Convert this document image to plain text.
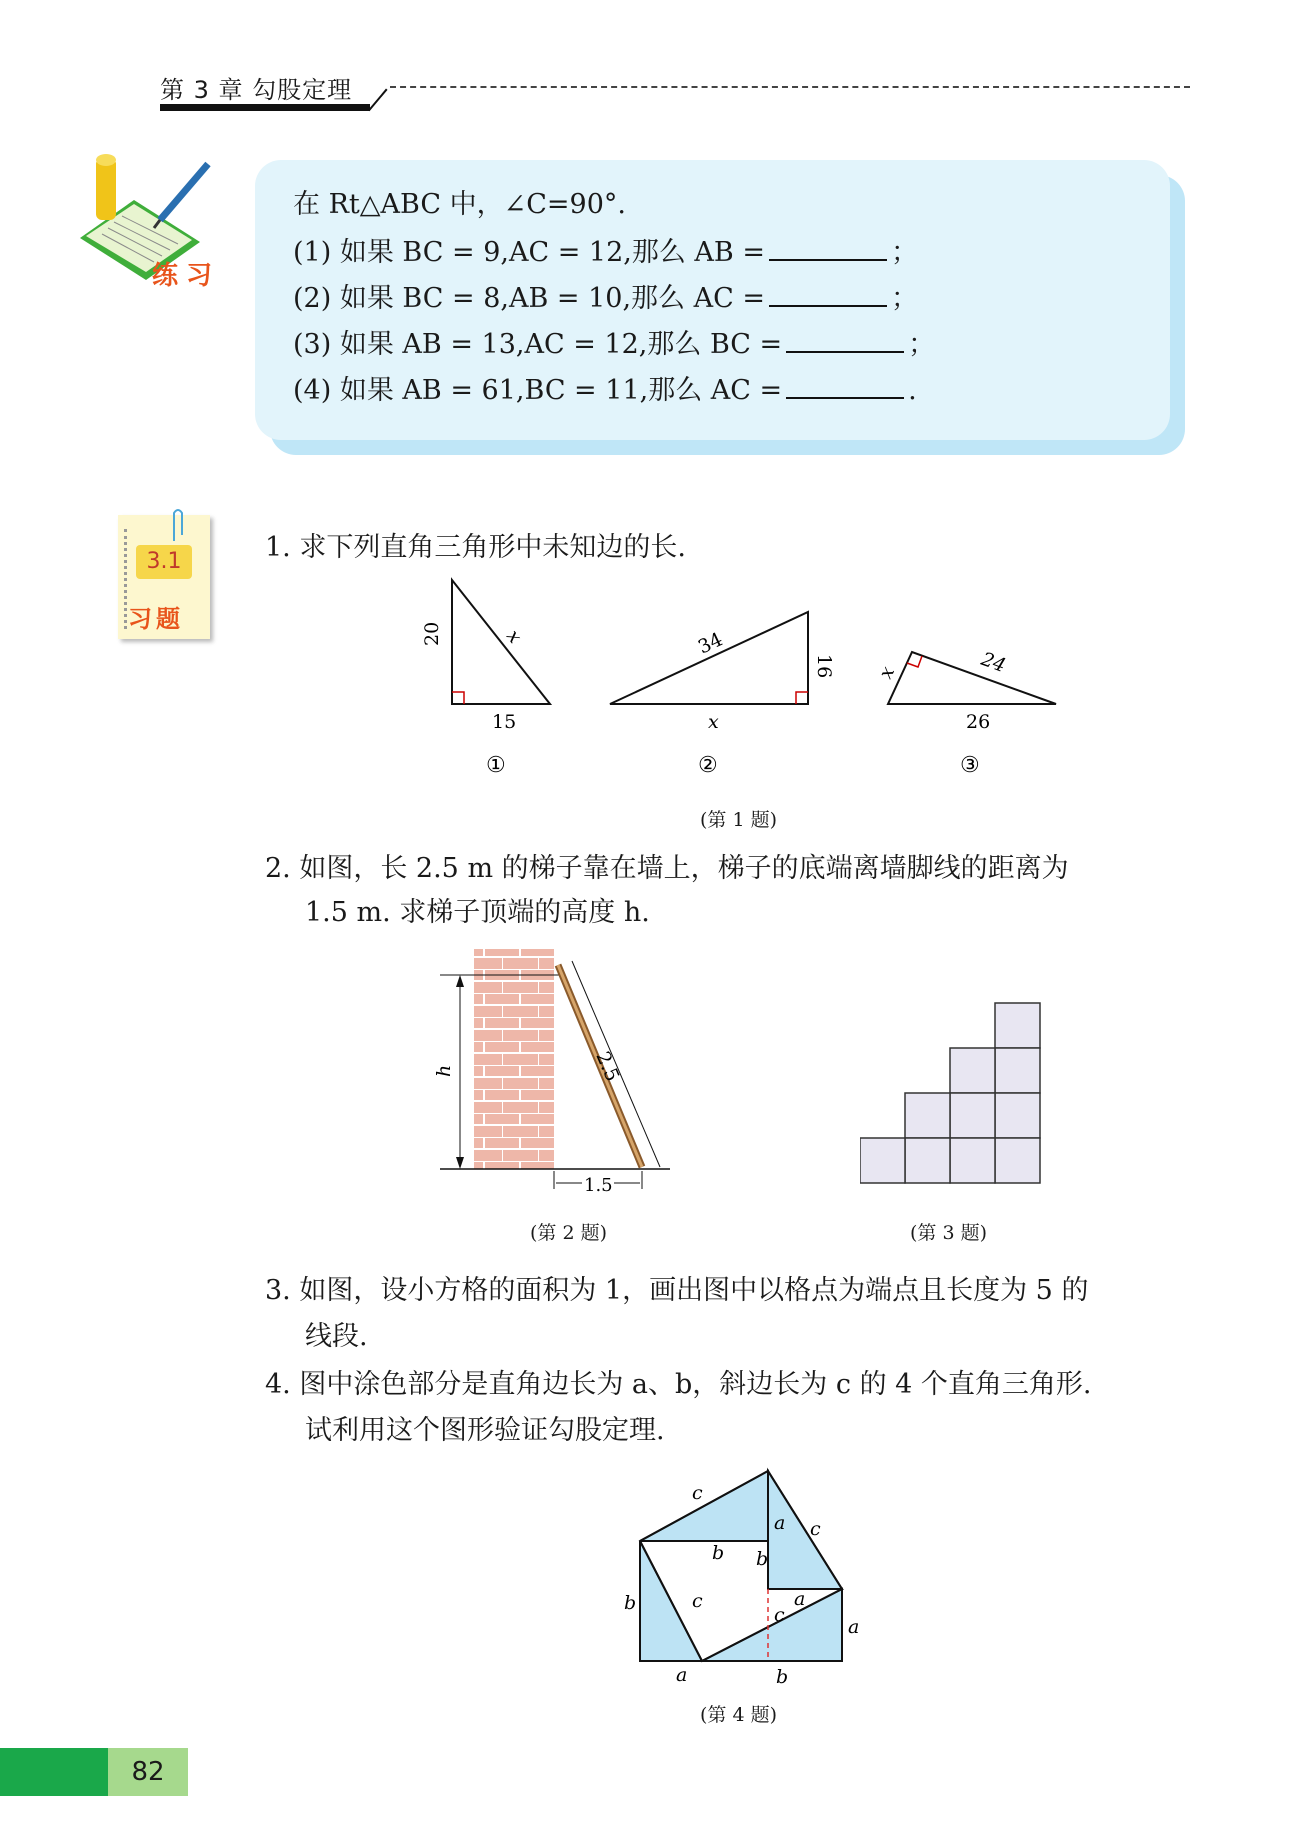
第 3 章 勾股定理
练习
在 Rt△ABC 中，∠C=90°.
(1) 如果 BC = 9,AC = 12,那么 AB =	；
(2) 如果 BC = 8,AB = 10,那么 AC =	；
(3) 如果 AB = 13,AC = 12,那么 BC =	；
(4) 如果 AB = 61,BC = 11,那么 AC =	.
3.1
习题
1. 求下列直角三角形中未知边的长.
20	x
15
①
34
16
x
②
x	24
26
③
(第 1 题)
2. 如图，长 2.5 m 的梯子靠在墙上，梯子的底端离墙脚线的距离为
1.5 m. 求梯子顶端的高度 h.
h	2.5
1.5
(第 2 题)	(第 3 题)
3. 如图，设小方格的面积为 1，画出图中以格点为端点且长度为 5 的
线段.
4. 图中涂色部分是直角边长为 a、b，斜边长为 c 的 4 个直角三角形.
试利用这个图形验证勾股定理.
c
a c
b b
b	c
c
a
a
a	b
(第 4 题)
82
